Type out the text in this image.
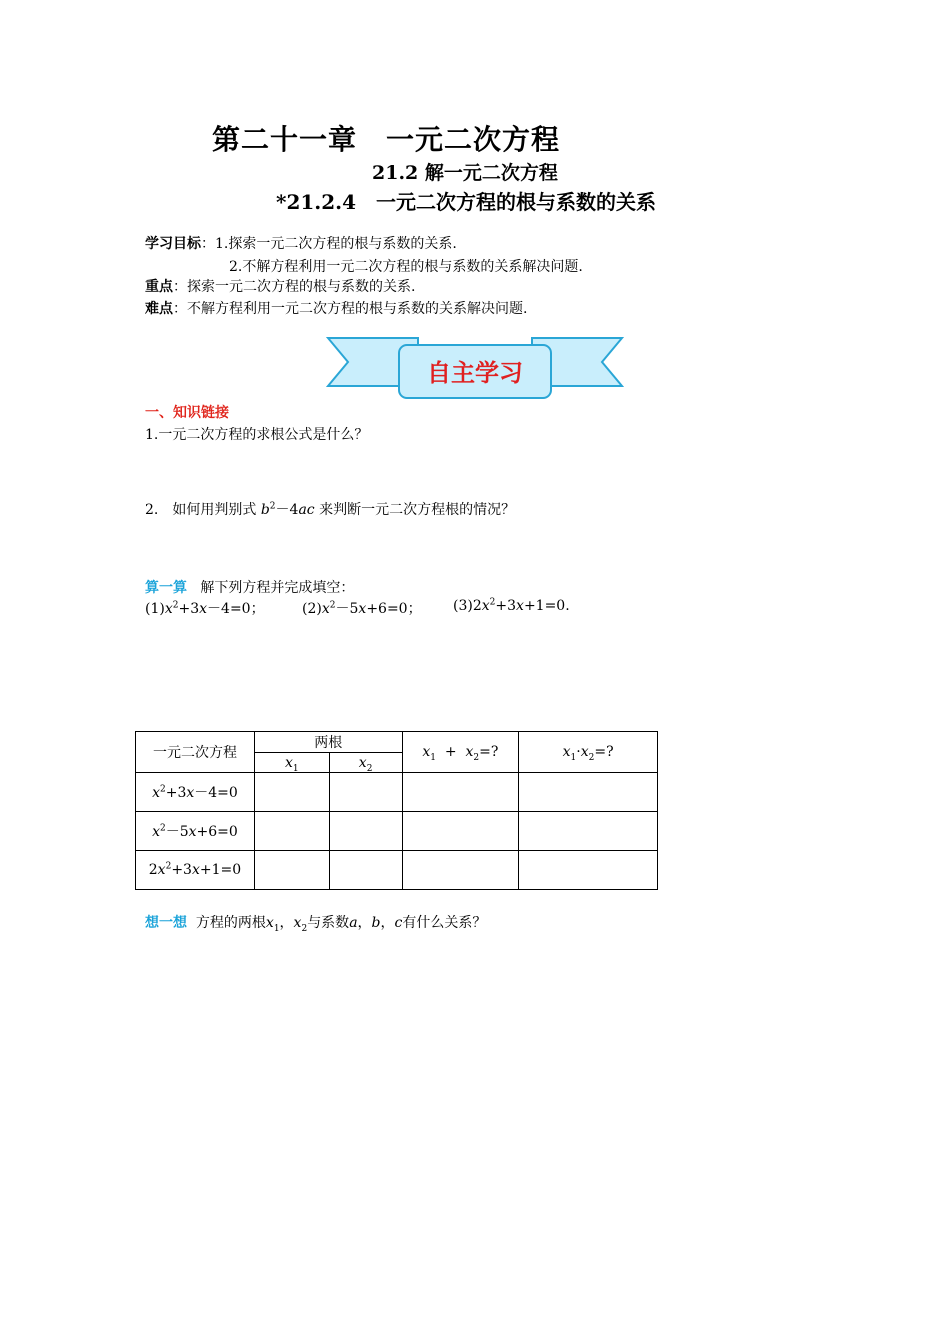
第二十一章　一元二次方程
21.2 解一元二次方程
*21.2.4　一元二次方程的根与系数的关系
学习目标：1.探索一元二次方程的根与系数的关系.
2.不解方程利用一元二次方程的根与系数的关系解决问题.
重点：探索一元二次方程的根与系数的关系.
难点：不解方程利用一元二次方程的根与系数的关系解决问题.
自主学习
一、知识链接
1.一元二次方程的求根公式是什么？
2.　如何用判别式 $b^2-4ac$ 来判断一元二次方程根的情况？
算一算 解下列方程并完成填空：
$(1)x^2+3x-4=0$；	$(2)x^2-5x+6=0$； $(3)2x^2+3x+1=0$.
一元二次方程	两根		$x_1 + x_2=$?	$x_1\cdot x_2=$?
	$x_1$	$x_2$
$x^2+3x-4=0$				
$x^2-5x+6=0$				
$2x^2+3x+1=0$				
想一想  方程的两根$x_1$，$x_2$与系数a，b，c有什么关系？
